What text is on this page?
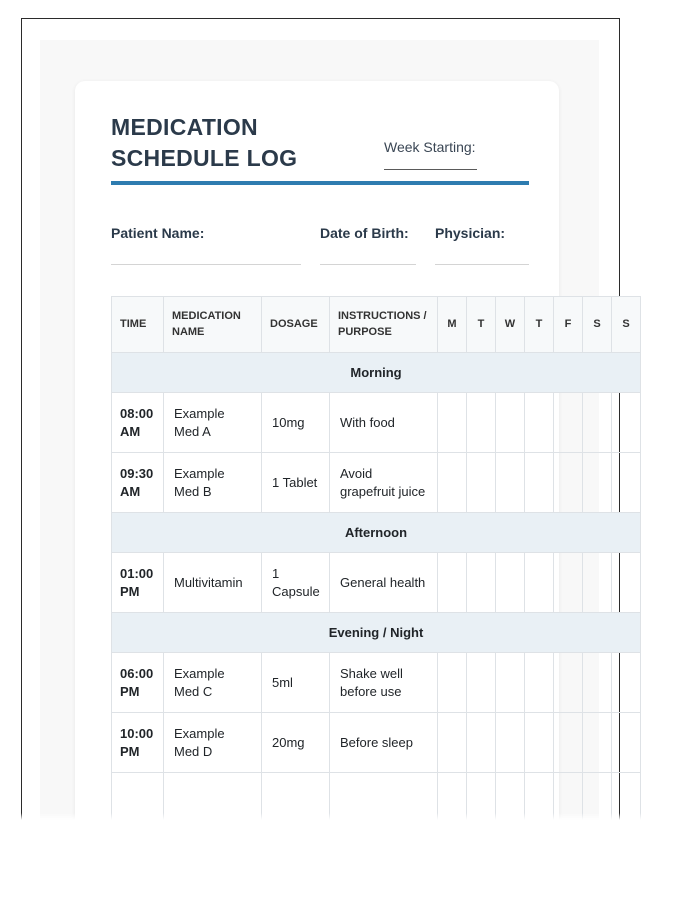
MEDICATION SCHEDULE LOG	Week Starting:
Patient Name:	Date of Birth:	Physician:
TIME	MEDICATION NAME	DOSAGE	INSTRUCTIONS / PURPOSE	M	T	W	T	F	S	S
Morning										
08:00 AM	Example Med A	10mg	With food							
09:30 AM	Example Med B	1 Tablet	Avoid grapefruit juice							
Afternoon										
01:00 PM	Multivitamin	1 Capsule	General health							
Evening / Night										
06:00 PM	Example Med C	5ml	Shake well before use							
10:00 PM	Example Med D	20mg	Before sleep							
